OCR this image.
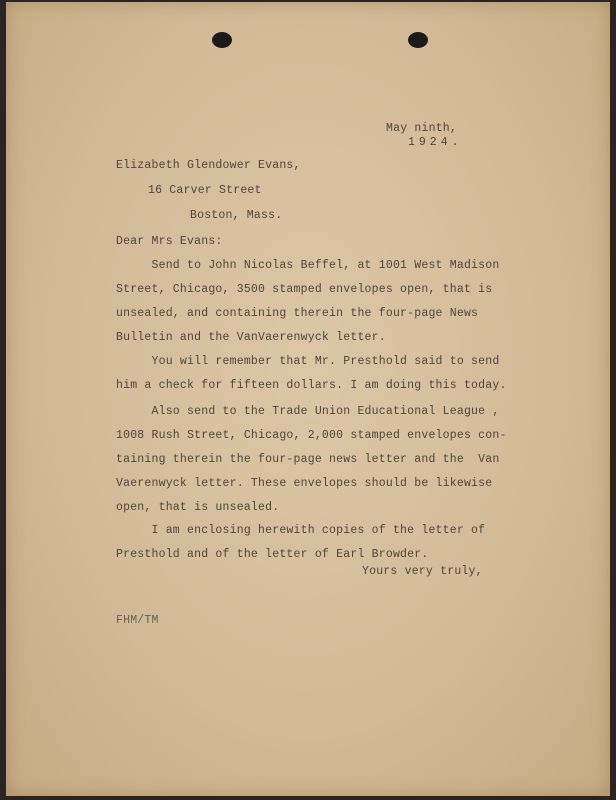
May ninth,

1924.

Elizabeth Glendower Evans,

16 Carver Street

Boston, Mass.

Dear Mrs Evans:

Send to John Nicolas Beffel, at 1001 West Madison

Street, Chicago, 3500 stamped envelopes open, that is

unsealed, and containing therein the four-page News

Bulletin and the VanVaerenwyck letter.

You will remember that Mr. Presthold said to send

him a check for fifteen dollars. I am doing this today.

Also send to the Trade Union Educational League ,

1008 Rush Street, Chicago, 2,000 stamped envelopes con-

taining therein the four-page news letter and the  Van

Vaerenwyck letter. These envelopes should be likewise

open, that is unsealed.

I am enclosing herewith copies of the letter of

Presthold and of the letter of Earl Browder.

Yours very truly,

FHM/TM
